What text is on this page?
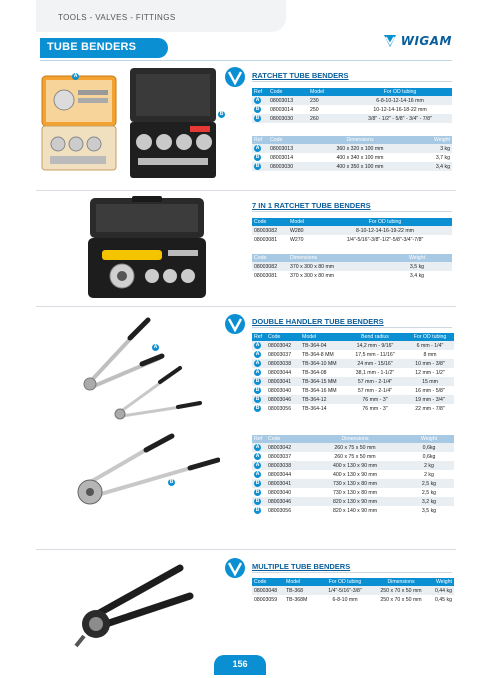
TOOLS - VALVES - FITTINGS
TUBE BENDERS	WIGAM
A
B
RATCHET TUBE BENDERS
Ref	Code	Model	For OD tubing
A	08003013	230	6-8-10-12-14-16 mm
B	08003014	250	10-12-14-16-18-22 mm
B	08003030	260	3/8" - 1/2" - 5/8" - 3/4" - 7/8"
Ref	Code	Dimensions	Weight
A	08003013	360 x 320 x 100 mm	3 kg
B	08003014	400 x 340 x 100 mm	3,7 kg
B	08003030	400 x 350 x 100 mm	3,4 kg
7 IN 1 RATCHET TUBE BENDERS
Code	Model	For OD tubing
08003082	W280	8-10-12-14-16-19-22 mm
08003081	W270	1/4"-5/16"-3/8"-1/2"-5/8"-3/4"-7/8"
Code	Dimensions	Weight
08003082	370 x 300 x 80 mm	3,5 kg
08003081	370 x 300 x 80 mm	3,4 kg
A
B
DOUBLE HANDLER TUBE BENDERS
Ref	Code	Model	Bend radius	For OD tubing
A	08003042	TB-364-04	14,2 mm - 9/16"	6 mm - 1/4"
A	08003037	TB-364-8 MM	17,5 mm - 11/16"	8 mm
A	08003038	TB-364-10 MM	24 mm - 15/16"	10 mm - 3/8"
A	08003044	TB-364-08	38,1 mm - 1-1/2"	12 mm - 1/2"
B	08003041	TB-364-15 MM	57 mm - 2-1/4"	15 mm
B	08003040	TB-364-16 MM	57 mm - 2-1/4"	16 mm - 5/8"
B	08003046	TB-364-12	76 mm - 3"	19 mm - 3/4"
B	08003056	TB-364-14	76 mm - 3"	22 mm - 7/8"
Ref	Code	Dimensions	Weight
A	08003042	260 x 75 x 50 mm	0,6kg
A	08003037	260 x 75 x 50 mm	0,6kg
A	08003038	400 x 130 x 90 mm	2 kg
A	08003044	400 x 130 x 90 mm	2 kg
B	08003041	730 x 130 x 80 mm	2,5 kg
B	08003040	730 x 130 x 80 mm	2,5 kg
B	08003046	820 x 130 x 90 mm	3,2 kg
B	08003056	820 x 140 x 90 mm	3,5 kg
MULTIPLE TUBE BENDERS
Code	Model	For OD tubing	Dimensions	Weight
08003048	TB-368	1/4"-5/16"-3/8"	250 x 70 x 50 mm	0,44 kg
08003059	TB-368M	6-8-10 mm	250 x 70 x 50 mm	0,45 kg
156
